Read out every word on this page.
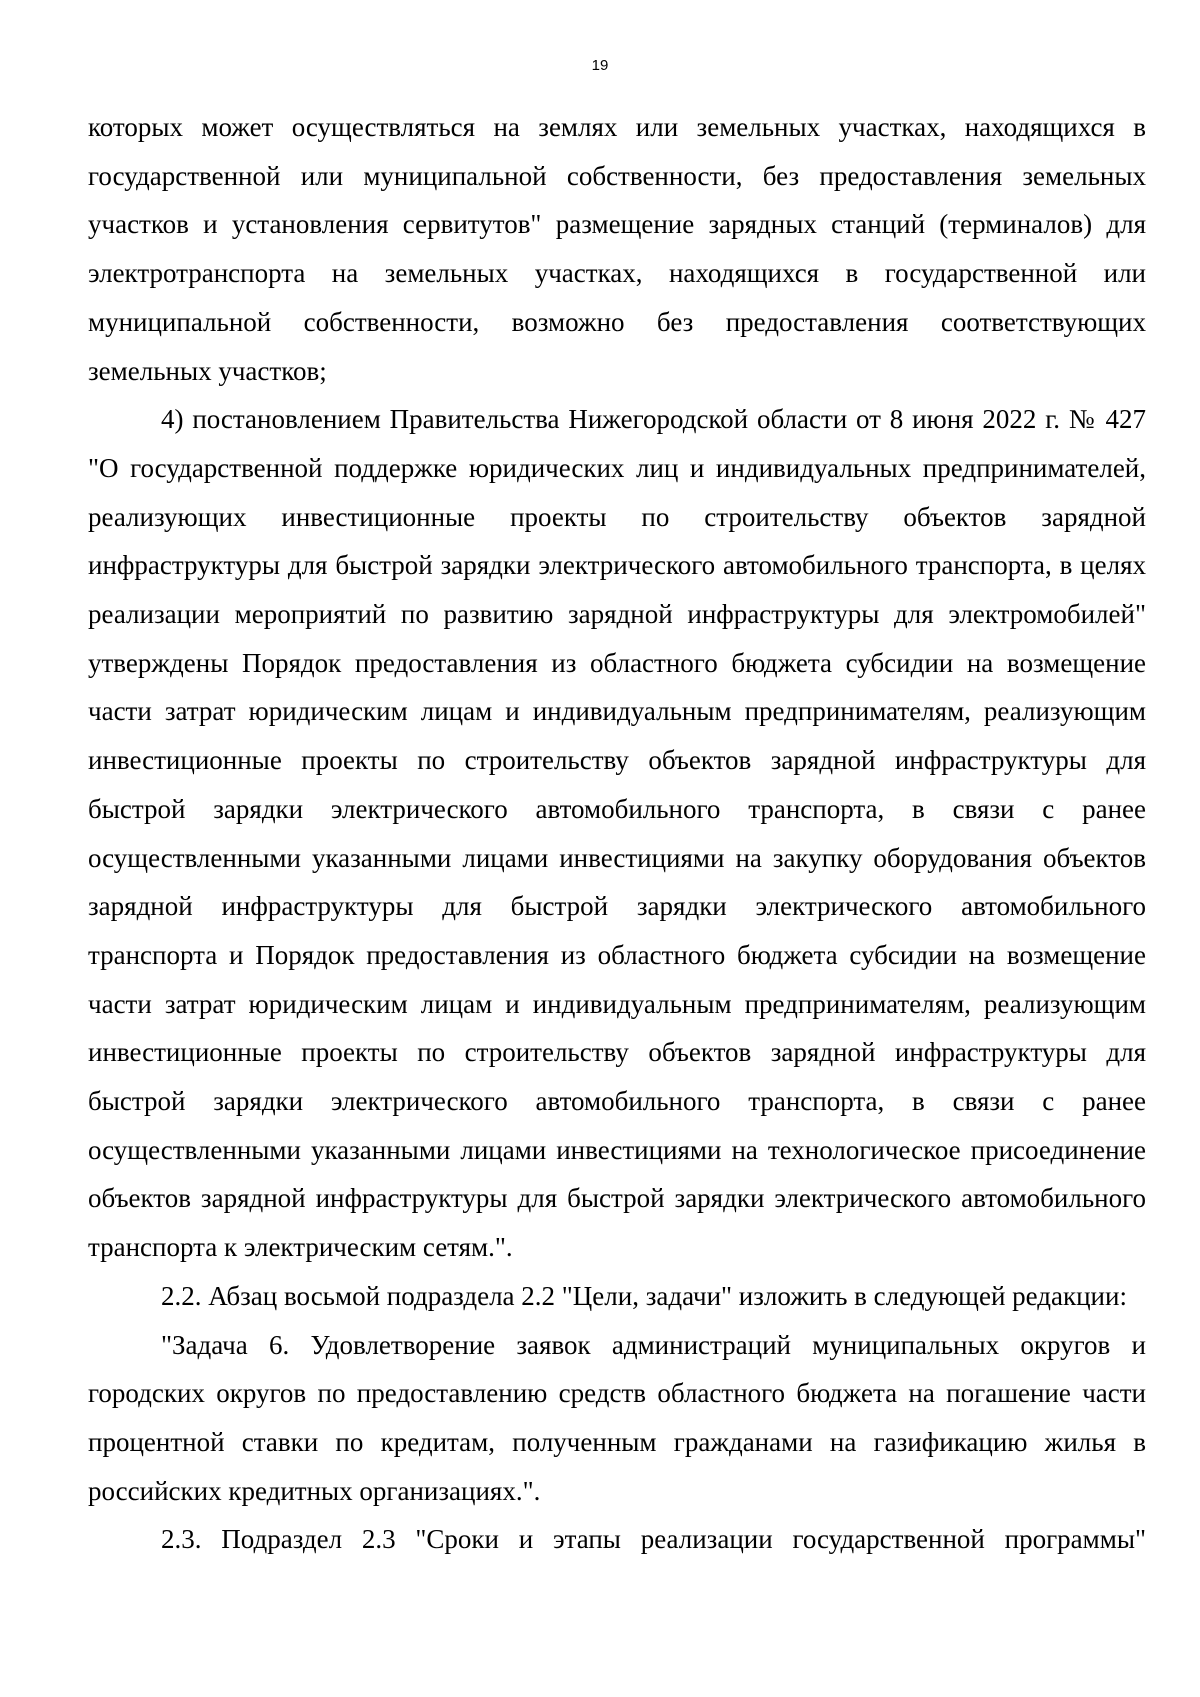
19

которых может осуществляться на землях или земельных участках, находящихся в государственной или муниципальной собственности, без предоставления земельных участков и установления сервитутов" размещение зарядных станций (терминалов) для электротранспорта на земельных участках, находящихся в государственной или муниципальной собственности, возможно без предоставления соответствующих земельных участков;

4) постановлением Правительства Нижегородской области от 8 июня 2022 г. № 427 "О государственной поддержке юридических лиц и индивидуальных предпринимателей, реализующих инвестиционные проекты по строительству объектов зарядной инфраструктуры для быстрой зарядки электрического автомобильного транспорта, в целях реализации мероприятий по развитию зарядной инфраструктуры для электромобилей" утверждены Порядок предоставления из областного бюджета субсидии на возмещение части затрат юридическим лицам и индивидуальным предпринимателям, реализующим инвестиционные проекты по строительству объектов зарядной инфраструктуры для быстрой зарядки электрического автомобильного транспорта, в связи с ранее осуществленными указанными лицами инвестициями на закупку оборудования объектов зарядной инфраструктуры для быстрой зарядки электрического автомобильного транспорта и Порядок предоставления из областного бюджета субсидии на возмещение части затрат юридическим лицам и индивидуальным предпринимателям, реализующим инвестиционные проекты по строительству объектов зарядной инфраструктуры для быстрой зарядки электрического автомобильного транспорта, в связи с ранее осуществленными указанными лицами инвестициями на технологическое присоединение объектов зарядной инфраструктуры для быстрой зарядки электрического автомобильного транспорта к электрическим сетям.".

2.2. Абзац восьмой подраздела 2.2 "Цели, задачи" изложить в следующей редакции:

"Задача 6. Удовлетворение заявок администраций муниципальных округов и городских округов по предоставлению средств областного бюджета на погашение части процентной ставки по кредитам, полученным гражданами на газификацию жилья в российских кредитных организациях.".

2.3. Подраздел 2.3 "Сроки и этапы реализации государственной программы"
